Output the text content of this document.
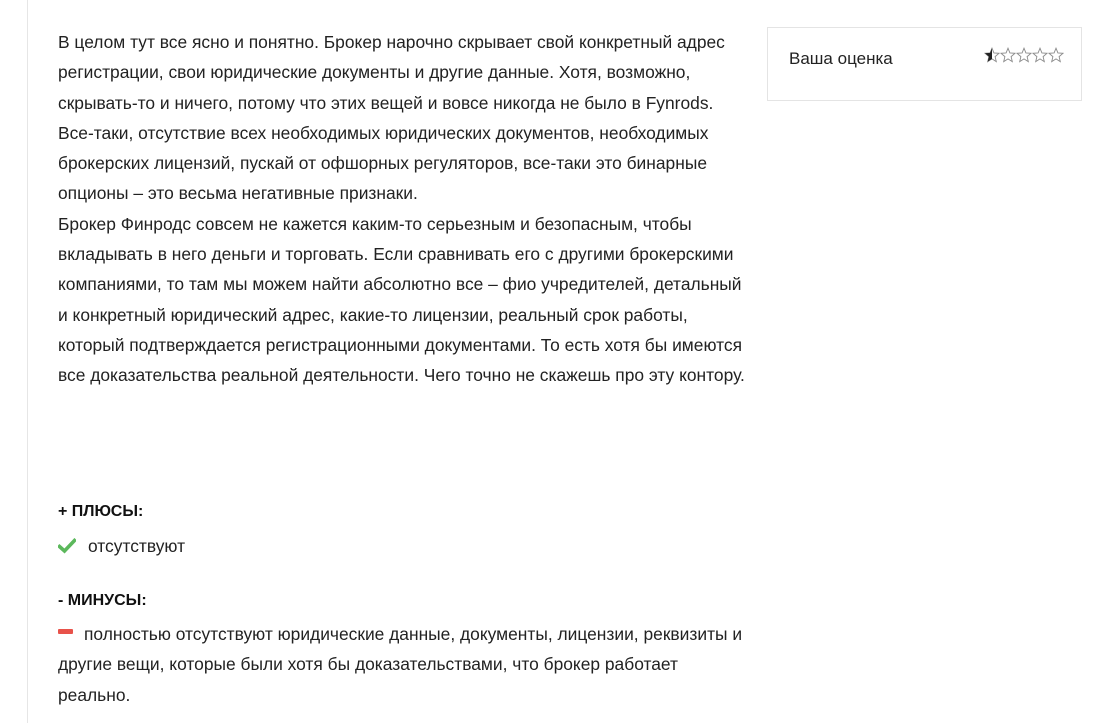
В целом тут все ясно и понятно. Брокер нарочно скрывает свой конкретный адрес регистрации, свои юридические документы и другие данные. Хотя, возможно, скрывать-то и ничего, потому что этих вещей и вовсе никогда не было в Fynrods. Все-таки, отсутствие всех необходимых юридических документов, необходимых брокерских лицензий, пускай от офшорных регуляторов, все-таки это бинарные опционы – это весьма негативные признаки.

Брокер Финродс совсем не кажется каким-то серьезным и безопасным, чтобы вкладывать в него деньги и торговать. Если сравнивать его с другими брокерскими компаниями, то там мы можем найти абсолютно все – фио учредителей, детальный и конкретный юридический адрес, какие-то лицензии, реальный срок работы, который подтверждается регистрационными документами. То есть хотя бы имеются все доказательства реальной деятельности. Чего точно не скажешь про эту контору.

+ ПЛЮСЫ:
отсутствуют
- МИНУСЫ:
полностью отсутствуют юридические данные, документы, лицензии, реквизиты и другие вещи, которые были хотя бы доказательствами, что брокер работает реально.
Ваша оценка
